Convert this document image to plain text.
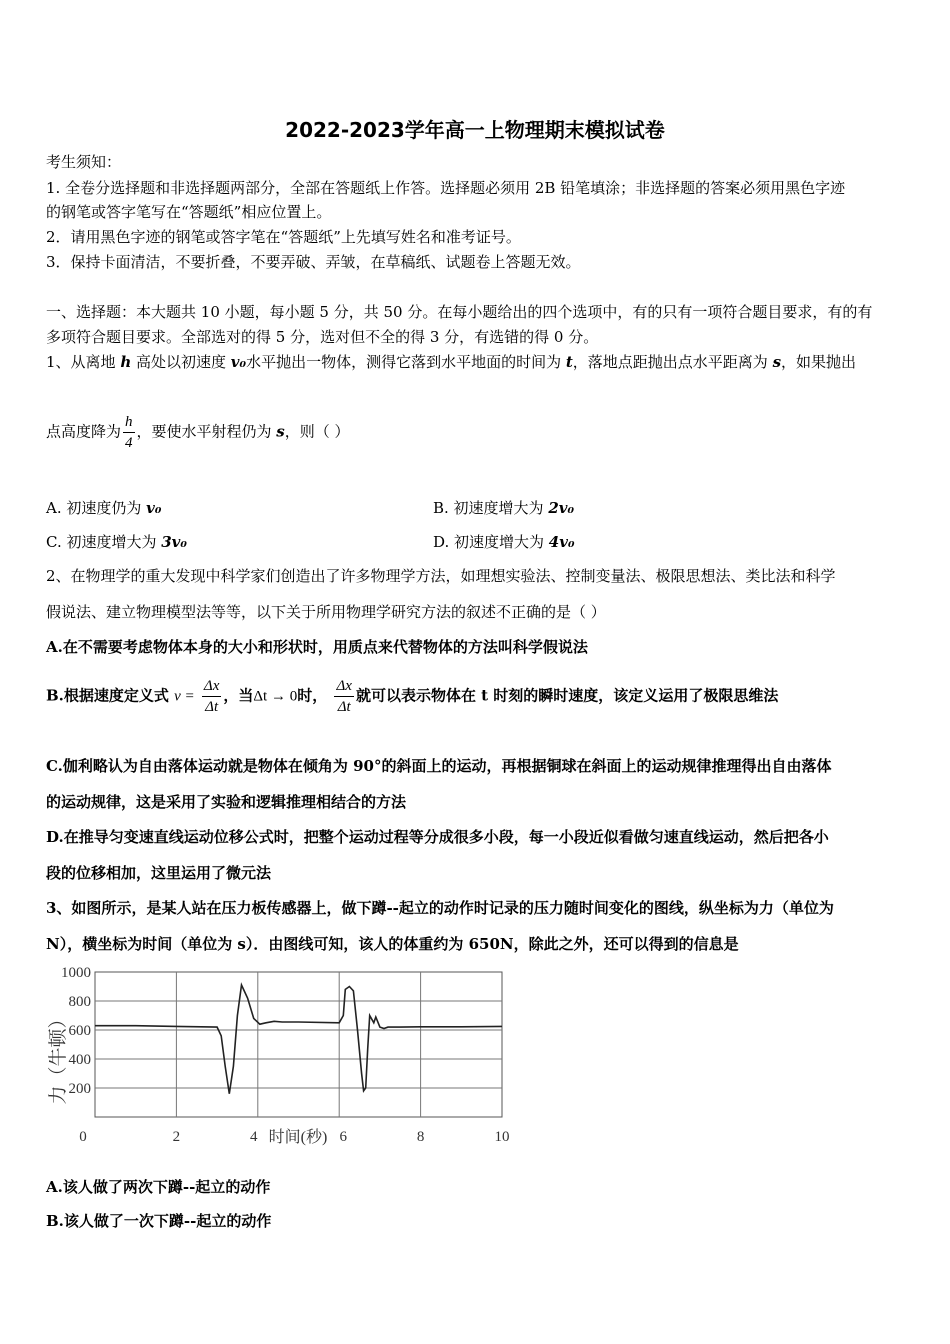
2022-2023学年高一上物理期末模拟试卷
考生须知：
1. 全卷分选择题和非选择题两部分，全部在答题纸上作答。选择题必须用 2B 铅笔填涂；非选择题的答案必须用黑色字迹
的钢笔或答字笔写在“答题纸”相应位置上。
2．请用黑色字迹的钢笔或答字笔在“答题纸”上先填写姓名和准考证号。
3．保持卡面清洁，不要折叠，不要弄破、弄皱，在草稿纸、试题卷上答题无效。
一、选择题：本大题共 10 小题，每小题 5 分，共 50 分。在每小题给出的四个选项中，有的只有一项符合题目要求，有的有
多项符合题目要求。全部选对的得 5 分，选对但不全的得 3 分，有选错的得 0 分。
1、从离地 h 高处以初速度 v₀水平抛出一物体，测得它落到水平地面的时间为 t，落地点距抛出点水平距离为 s，如果抛出
点高度降为 $\frac{h}{4}$ ，要使水平射程仍为 s，则（ ）
A. 初速度仍为 v₀	B. 初速度增大为 2v₀
C. 初速度增大为 3v₀	D. 初速度增大为 4v₀
2、在物理学的重大发现中科学家们创造出了许多物理学方法，如理想实验法、控制变量法、极限思想法、类比法和科学
假说法、建立物理模型法等等，以下关于所用物理学研究方法的叙述不正确的是（ ）
A.在不需要考虑物体本身的大小和形状时，用质点来代替物体的方法叫科学假说法
B.根据速度定义式 $v = \frac{\Delta x}{\Delta t}$ ，当Δt → 0时， $\frac{\Delta x}{\Delta t}$ 就可以表示物体在 t 时刻的瞬时速度，该定义运用了极限思维法
C.伽利略认为自由落体运动就是物体在倾角为 90°的斜面上的运动，再根据铜球在斜面上的运动规律推理得出自由落体
的运动规律，这是采用了实验和逻辑推理相结合的方法
D.在推导匀变速直线运动位移公式时，把整个运动过程等分成很多小段，每一小段近似看做匀速直线运动，然后把各小
段的位移相加，这里运用了微元法
3、如图所示，是某人站在压力板传感器上，做下蹲--起立的动作时记录的压力随时间变化的图线，纵坐标为力（单位为
N），横坐标为时间（单位为 s）．由图线可知，该人的体重约为 650N，除此之外，还可以得到的信息是
200
400
600
800
1000
0	2	4	6	8	10
力（牛顿）
时间(秒)
A.该人做了两次下蹲--起立的动作
B.该人做了一次下蹲--起立的动作
